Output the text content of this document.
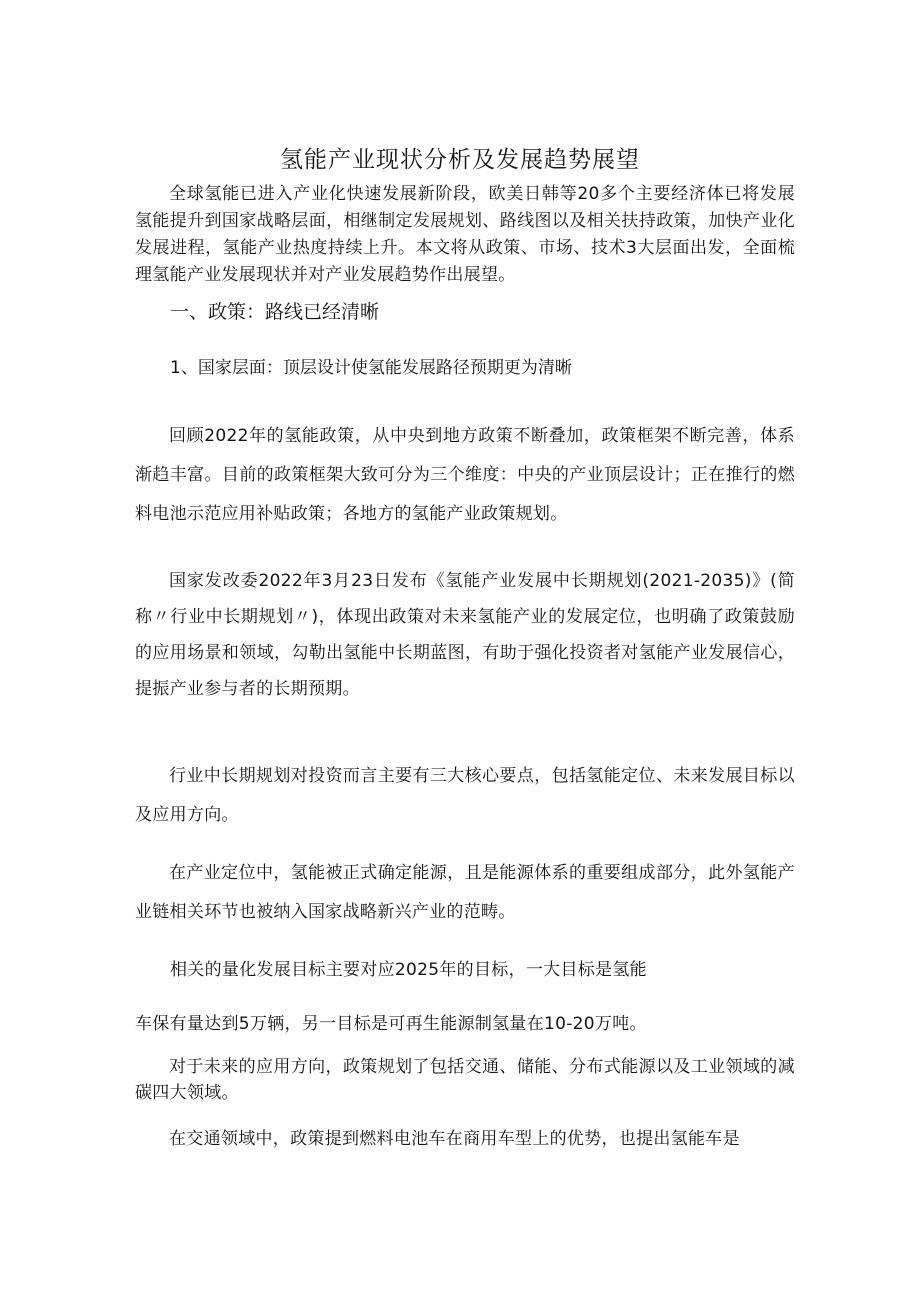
氢能产业现状分析及发展趋势展望

全球氢能已进入产业化快速发展新阶段，欧美日韩等20多个主要经济体已将发展氢能提升到国家战略层面，相继制定发展规划、路线图以及相关扶持政策，加快产业化发展进程，氢能产业热度持续上升。本文将从政策、市场、技术3大层面出发，全面梳理氢能产业发展现状并对产业发展趋势作出展望。

一、政策：路线已经清晰
1、国家层面：顶层设计使氢能发展路径预期更为清晰

回顾2022年的氢能政策，从中央到地方政策不断叠加，政策框架不断完善，体系渐趋丰富。目前的政策框架大致可分为三个维度：中央的产业顶层设计；正在推行的燃料电池示范应用补贴政策；各地方的氢能产业政策规划。

国家发改委2022年3月23日发布《氢能产业发展中长期规划(2021-2035)》(简称〃行业中长期规划〃)，体现出政策对未来氢能产业的发展定位，也明确了政策鼓励的应用场景和领域，勾勒出氢能中长期蓝图，有助于强化投资者对氢能产业发展信心，提振产业参与者的长期预期。

行业中长期规划对投资而言主要有三大核心要点，包括氢能定位、未来发展目标以及应用方向。

在产业定位中，氢能被正式确定能源，且是能源体系的重要组成部分，此外氢能产业链相关环节也被纳入国家战略新兴产业的范畴。

相关的量化发展目标主要对应2025年的目标，一大目标是氢能

车保有量达到5万辆，另一目标是可再生能源制氢量在10-20万吨。

对于未来的应用方向，政策规划了包括交通、储能、分布式能源以及工业领域的减碳四大领域。

在交通领域中，政策提到燃料电池车在商用车型上的优势，也提出氢能车是
